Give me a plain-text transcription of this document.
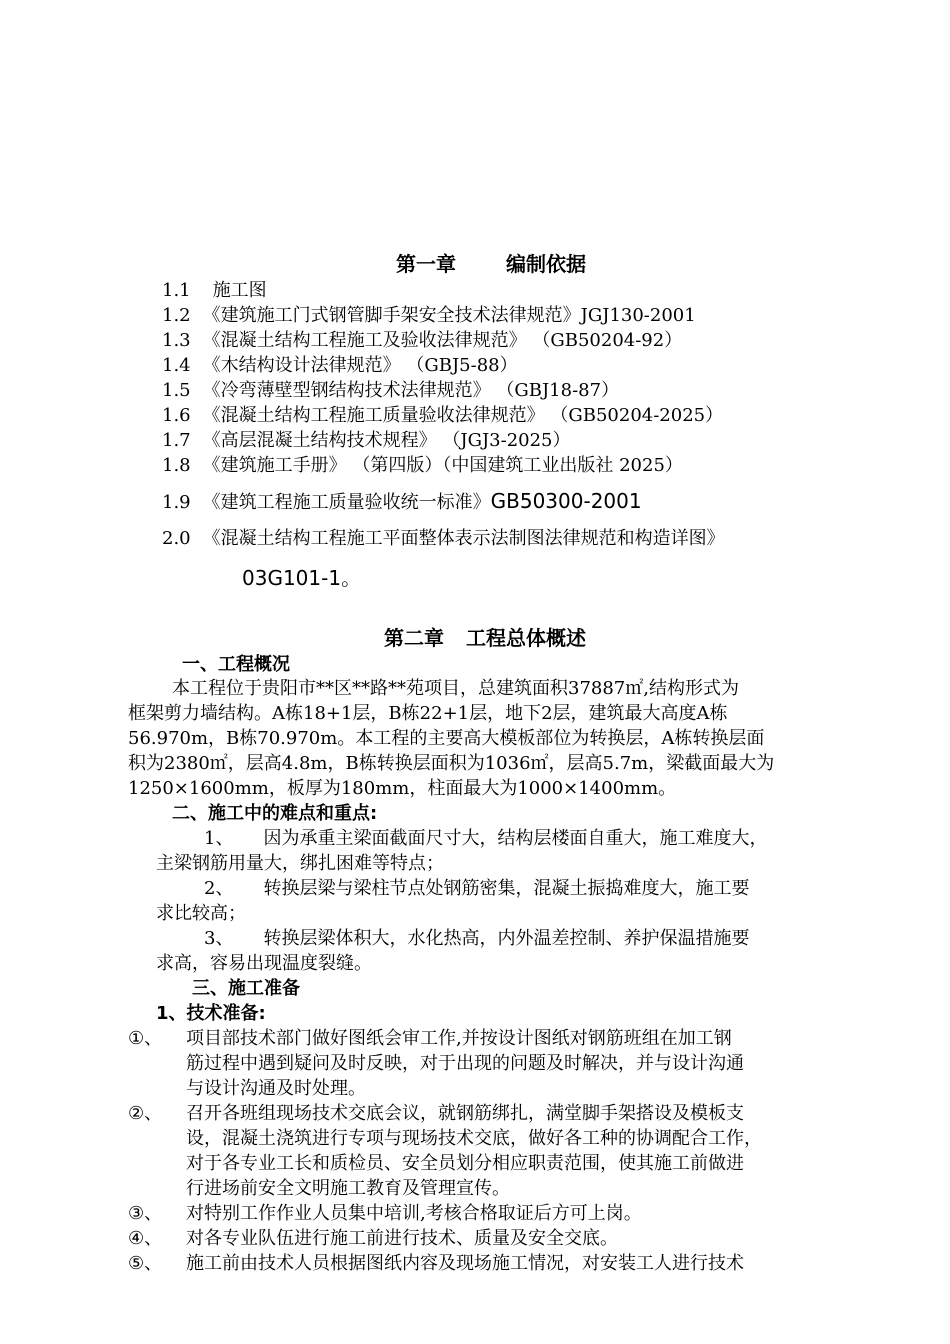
第一章	编制依据
1.1 施工图
1.2 《建筑施工门式钢管脚手架安全技术法律规范》JGJ130-2001
1.3 《混凝土结构工程施工及验收法律规范》 （GB50204-92）
1.4 《木结构设计法律规范》 （GBJ5-88）
1.5 《冷弯薄壁型钢结构技术法律规范》 （GBJ18-87）
1.6 《混凝土结构工程施工质量验收法律规范》 （GB50204-2025）
1.7 《高层混凝土结构技术规程》 （JGJ3-2025）
1.8 《建筑施工手册》 （第四版）（中国建筑工业出版社 2025）
1.9 《建筑工程施工质量验收统一标准》GB50300-2001
2.0 《混凝土结构工程施工平面整体表示法制图法律规范和构造详图》
03G101-1。
第二章 工程总体概述
一、工程概况
本工程位于贵阳市**区**路**苑项目，总建筑面积37887㎡,结构形式为
框架剪力墙结构。A栋18+1层，B栋22+1层，地下2层，建筑最大高度A栋
56.970m，B栋70.970m。本工程的主要高大模板部位为转换层，A栋转换层面
积为2380㎡，层高4.8m，B栋转换层面积为1036㎡，层高5.7m，梁截面最大为
1250×1600mm，板厚为180mm，柱面最大为1000×1400mm。
二、施工中的难点和重点:
1、 因为承重主梁面截面尺寸大，结构层楼面自重大，施工难度大，
主梁钢筋用量大，绑扎困难等特点；
2、 转换层梁与梁柱节点处钢筋密集，混凝土振捣难度大，施工要
求比较高；
3、 转换层梁体积大，水化热高，内外温差控制、养护保温措施要
求高，容易出现温度裂缝。
三、施工准备
1、技术准备:
①、 项目部技术部门做好图纸会审工作,并按设计图纸对钢筋班组在加工钢
筋过程中遇到疑问及时反映，对于出现的问题及时解决，并与设计沟通
与设计沟通及时处理。
②、 召开各班组现场技术交底会议，就钢筋绑扎，满堂脚手架搭设及模板支
设，混凝土浇筑进行专项与现场技术交底，做好各工种的协调配合工作，
对于各专业工长和质检员、安全员划分相应职责范围，使其施工前做进
行进场前安全文明施工教育及管理宣传。
③、 对特别工作作业人员集中培训,考核合格取证后方可上岗。
④、 对各专业队伍进行施工前进行技术、质量及安全交底。
⑤、 施工前由技术人员根据图纸内容及现场施工情况，对安装工人进行技术
